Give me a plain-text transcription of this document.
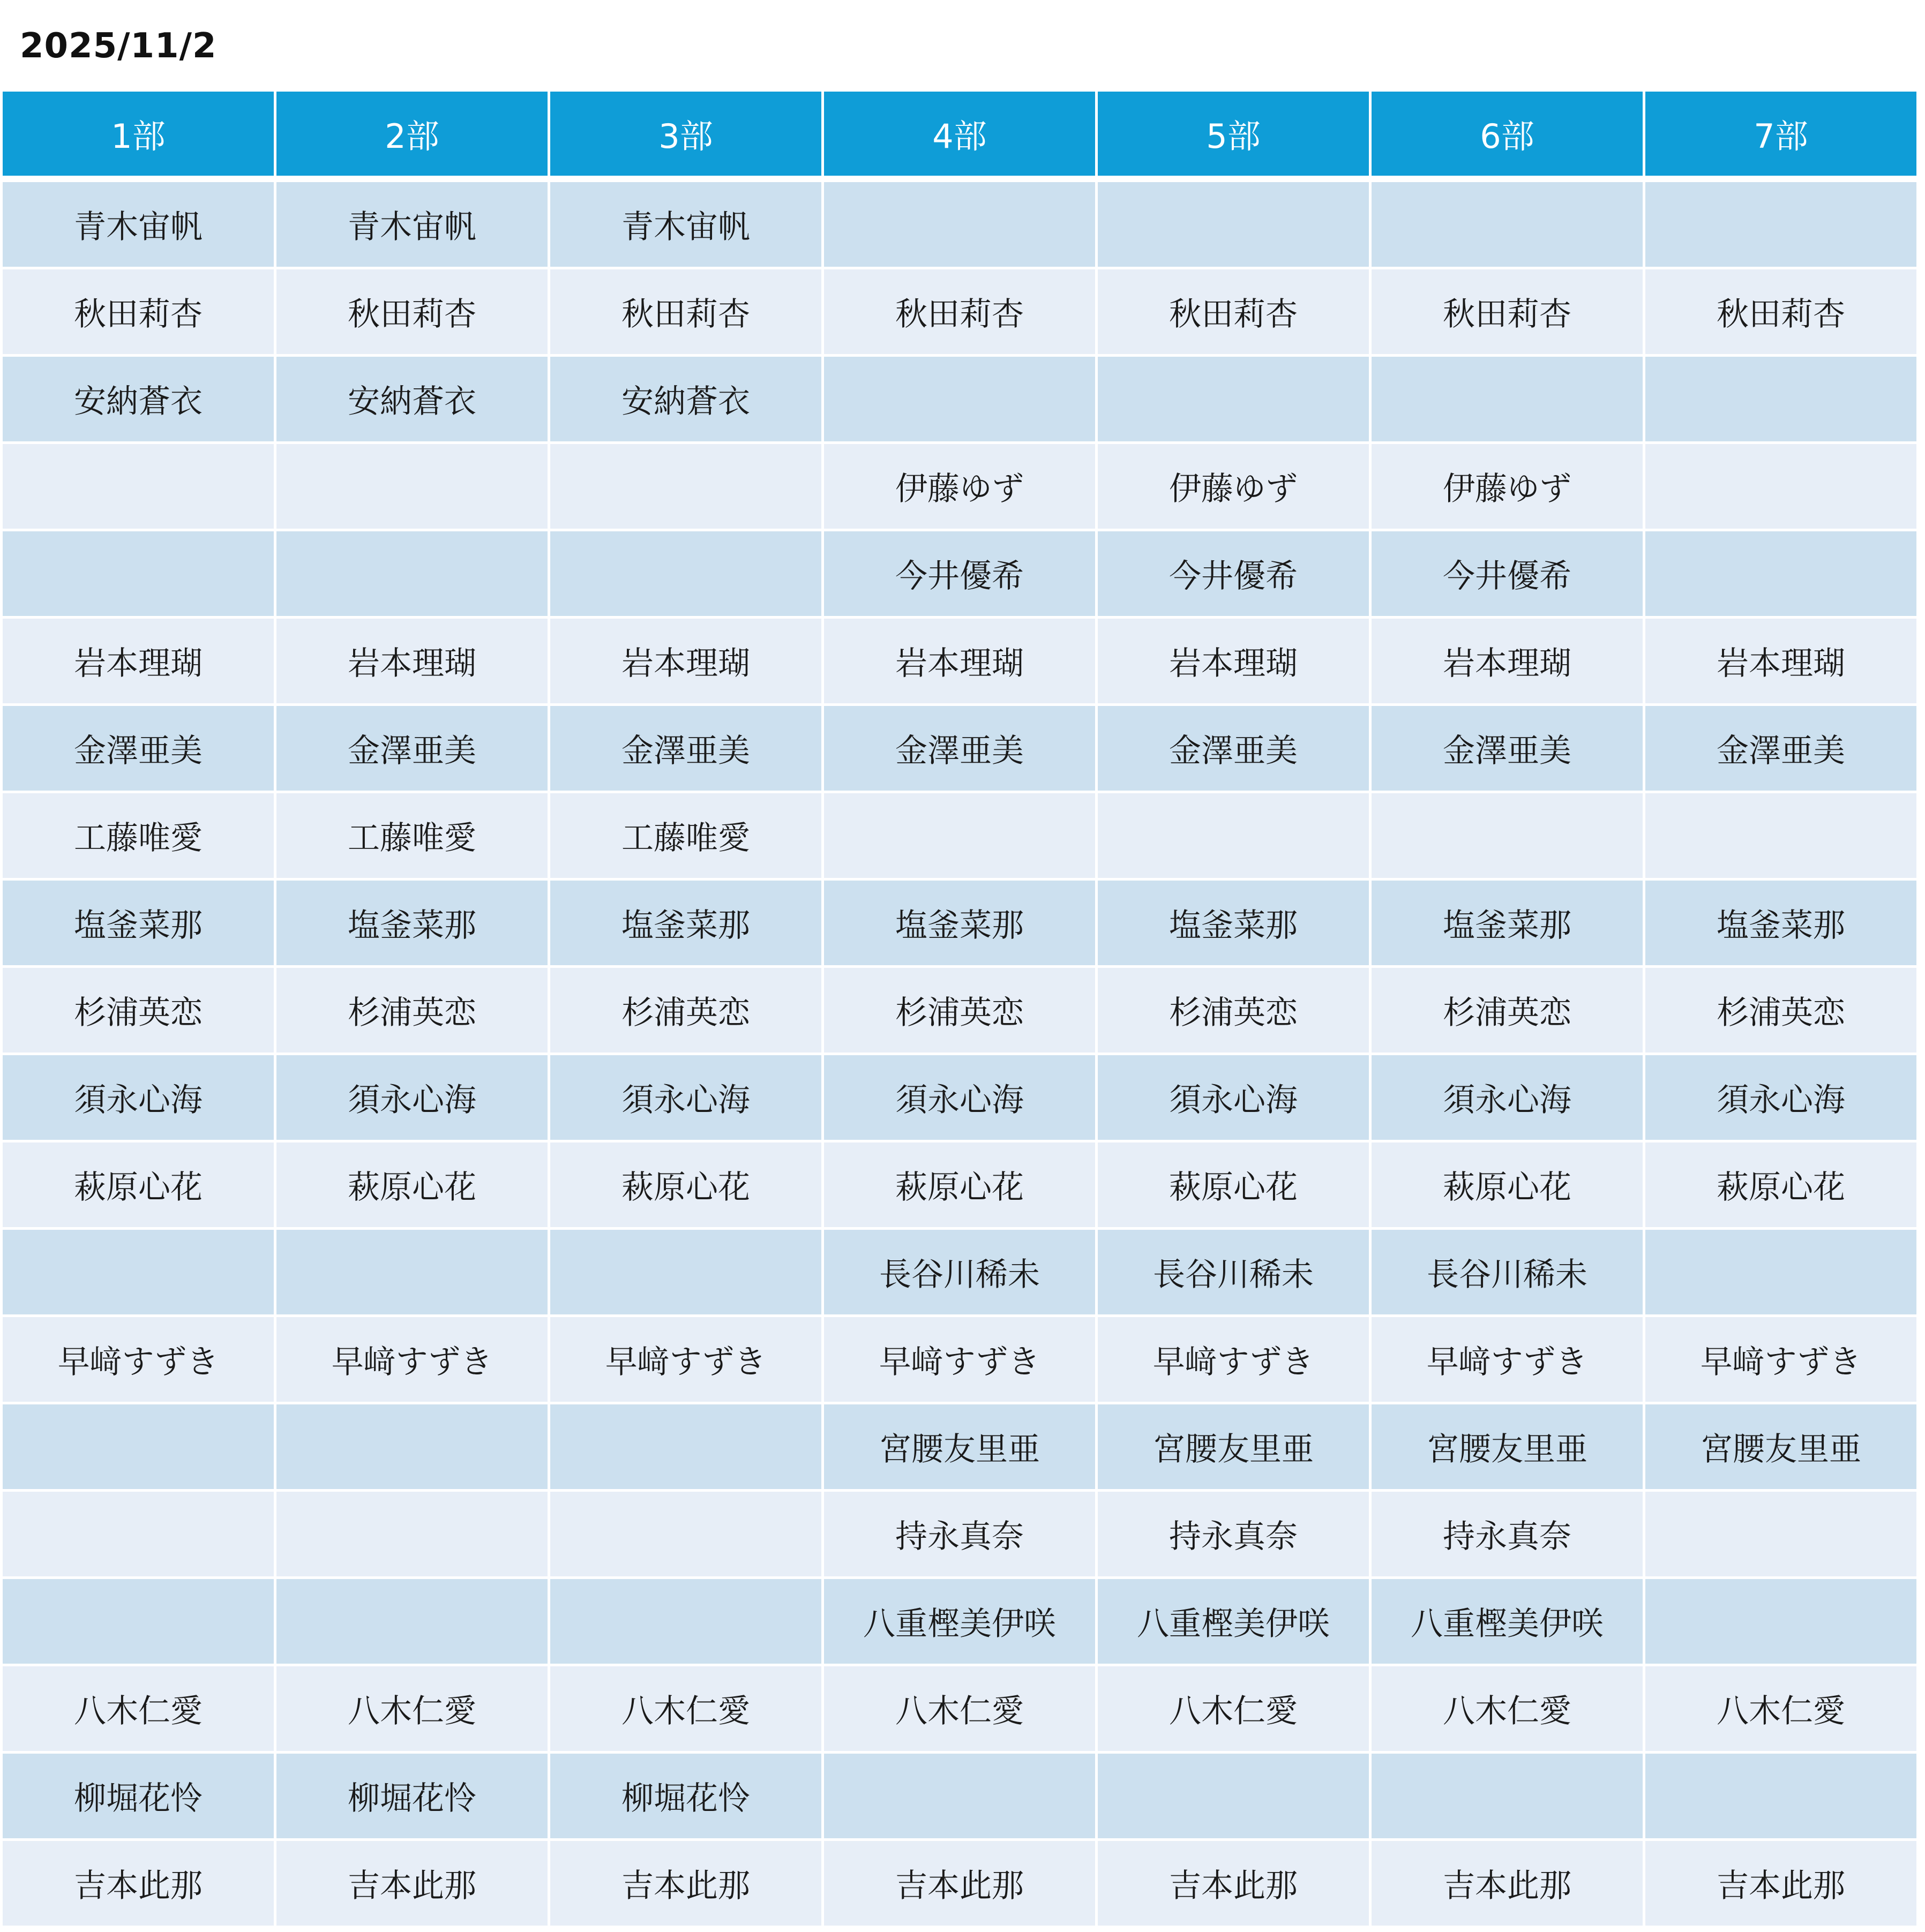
2025/11/2
1部	2部	3部	4部	5部	6部	7部

青木宙帆	青木宙帆	青木宙帆				
秋田莉杏	秋田莉杏	秋田莉杏	秋田莉杏	秋田莉杏	秋田莉杏	秋田莉杏
安納蒼衣	安納蒼衣	安納蒼衣				
			伊藤ゆず	伊藤ゆず	伊藤ゆず	
			今井優希	今井優希	今井優希	
岩本理瑚	岩本理瑚	岩本理瑚	岩本理瑚	岩本理瑚	岩本理瑚	岩本理瑚
金澤亜美	金澤亜美	金澤亜美	金澤亜美	金澤亜美	金澤亜美	金澤亜美
工藤唯愛	工藤唯愛	工藤唯愛				
塩釜菜那	塩釜菜那	塩釜菜那	塩釜菜那	塩釜菜那	塩釜菜那	塩釜菜那
杉浦英恋	杉浦英恋	杉浦英恋	杉浦英恋	杉浦英恋	杉浦英恋	杉浦英恋
須永心海	須永心海	須永心海	須永心海	須永心海	須永心海	須永心海
萩原心花	萩原心花	萩原心花	萩原心花	萩原心花	萩原心花	萩原心花
			長谷川稀未	長谷川稀未	長谷川稀未	
早﨑すずき	早﨑すずき	早﨑すずき	早﨑すずき	早﨑すずき	早﨑すずき	早﨑すずき
			宮腰友里亜	宮腰友里亜	宮腰友里亜	宮腰友里亜
			持永真奈	持永真奈	持永真奈	
			八重樫美伊咲	八重樫美伊咲	八重樫美伊咲	
八木仁愛	八木仁愛	八木仁愛	八木仁愛	八木仁愛	八木仁愛	八木仁愛
柳堀花怜	柳堀花怜	柳堀花怜				
吉本此那	吉本此那	吉本此那	吉本此那	吉本此那	吉本此那	吉本此那
